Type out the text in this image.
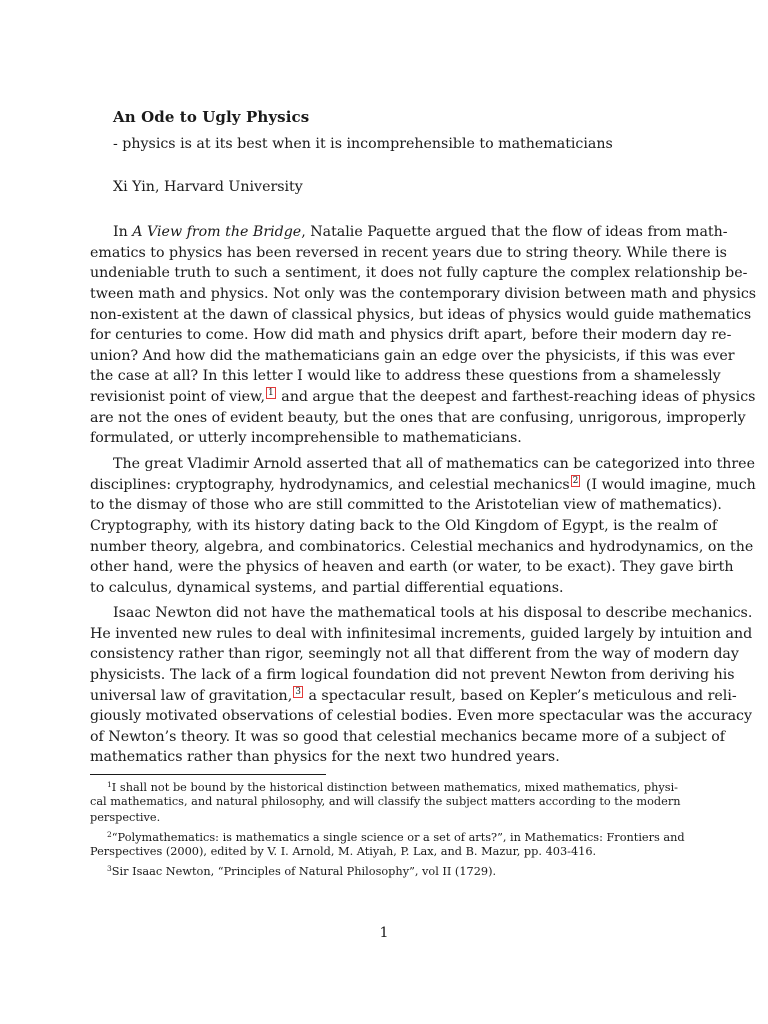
An Ode to Ugly Physics
- physics is at its best when it is incomprehensible to mathematicians
Xi Yin, Harvard University
In A View from the Bridge, Natalie Paquette argued that the flow of ideas from math-
ematics to physics has been reversed in recent years due to string theory. While there is
undeniable truth to such a sentiment, it does not fully capture the complex relationship be-
tween math and physics. Not only was the contemporary division between math and physics
non-existent at the dawn of classical physics, but ideas of physics would guide mathematics
for centuries to come. How did math and physics drift apart, before their modern day re-
union? And how did the mathematicians gain an edge over the physicists, if this was ever
the case at all? In this letter I would like to address these questions from a shamelessly
revisionist point of view, 1 and argue that the deepest and farthest-reaching ideas of physics
are not the ones of evident beauty, but the ones that are confusing, unrigorous, improperly
formulated, or utterly incomprehensible to mathematicians.
The great Vladimir Arnold asserted that all of mathematics can be categorized into three
disciplines: cryptography, hydrodynamics, and celestial mechanics 2 (I would imagine, much
to the dismay of those who are still committed to the Aristotelian view of mathematics).
Cryptography, with its history dating back to the Old Kingdom of Egypt, is the realm of
number theory, algebra, and combinatorics. Celestial mechanics and hydrodynamics, on the
other hand, were the physics of heaven and earth (or water, to be exact). They gave birth
to calculus, dynamical systems, and partial differential equations.
Isaac Newton did not have the mathematical tools at his disposal to describe mechanics.
He invented new rules to deal with infinitesimal increments, guided largely by intuition and
consistency rather than rigor, seemingly not all that different from the way of modern day
physicists. The lack of a firm logical foundation did not prevent Newton from deriving his
universal law of gravitation, 3 a spectacular result, based on Kepler’s meticulous and reli-
giously motivated observations of celestial bodies. Even more spectacular was the accuracy
of Newton’s theory. It was so good that celestial mechanics became more of a subject of
mathematics rather than physics for the next two hundred years.
$^1$I shall not be bound by the historical distinction between mathematics, mixed mathematics, physi-
cal mathematics, and natural philosophy, and will classify the subject matters according to the modern
perspective.
$^2$“Polymathematics: is mathematics a single science or a set of arts?”, in Mathematics: Frontiers and
Perspectives (2000), edited by V. I. Arnold, M. Atiyah, P. Lax, and B. Mazur, pp. 403-416.
$^3$Sir Isaac Newton, “Principles of Natural Philosophy”, vol II (1729).
1
